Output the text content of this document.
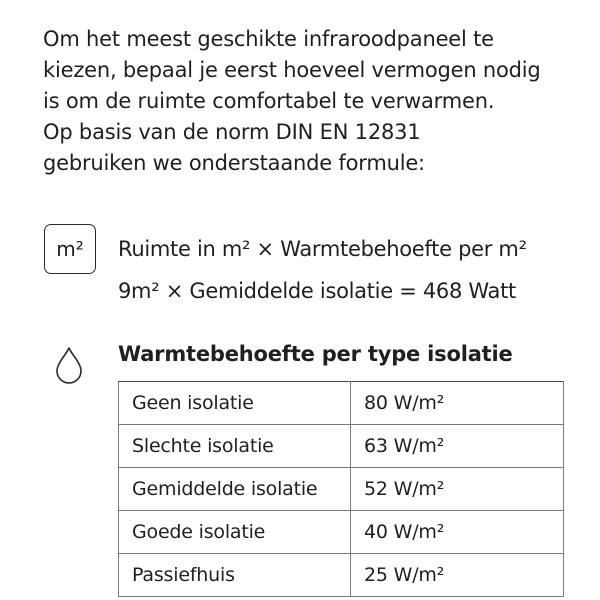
Om het meest geschikte infraroodpaneel te
kiezen, bepaal je eerst hoeveel vermogen nodig
is om de ruimte comfortabel te verwarmen.
Op basis van de norm DIN EN 12831
gebruiken we onderstaande formule:
m² Ruimte in m² × Warmtebehoefte per m²
9m² × Gemiddelde isolatie = 468 Watt
Warmtebehoefte per type isolatie
Geen isolatie	80 W/m²
Slechte isolatie	63 W/m²
Gemiddelde isolatie	52 W/m²
Goede isolatie	40 W/m²
Passiefhuis	25 W/m²
